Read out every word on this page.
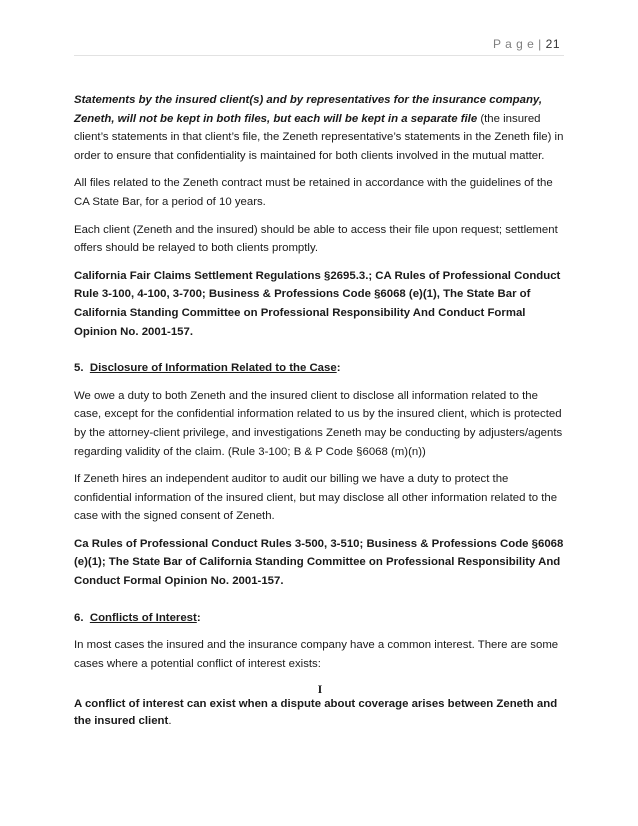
P a g e | 21

Statements by the insured client(s) and by representatives for the insurance company, Zeneth, will not be kept in both files, but each will be kept in a separate file (the insured client’s statements in that client’s file, the Zeneth representative’s statements in the Zeneth file) in order to ensure that confidentiality is maintained for both clients involved in the mutual matter.

All files related to the Zeneth contract must be retained in accordance with the guidelines of the CA State Bar, for a period of 10 years.

Each client (Zeneth and the insured) should be able to access their file upon request; settlement offers should be relayed to both clients promptly.

California Fair Claims Settlement Regulations §2695.3.; CA Rules of Professional Conduct Rule 3-100, 4-100, 3-700; Business & Professions Code §6068 (e)(1), The State Bar of California Standing Committee on Professional Responsibility And Conduct Formal Opinion No. 2001-157.

5. Disclosure of Information Related to the Case:

We owe a duty to both Zeneth and the insured client to disclose all information related to the case, except for the confidential information related to us by the insured client, which is protected by the attorney-client privilege, and investigations Zeneth may be conducting by adjusters/agents regarding validity of the claim. (Rule 3-100; B & P Code §6068 (m)(n))

If Zeneth hires an independent auditor to audit our billing we have a duty to protect the confidential information of the insured client, but may disclose all other information related to the case with the signed consent of Zeneth.

Ca Rules of Professional Conduct Rules 3-500, 3-510; Business & Professions Code §6068 (e)(1); The State Bar of California Standing Committee on Professional Responsibility And Conduct Formal Opinion No. 2001-157.

6. Conflicts of Interest:

In most cases the insured and the insurance company have a common interest. There are some cases where a potential conflict of interest exists:

I

A conflict of interest can exist when a dispute about coverage arises between Zeneth and the insured client.
